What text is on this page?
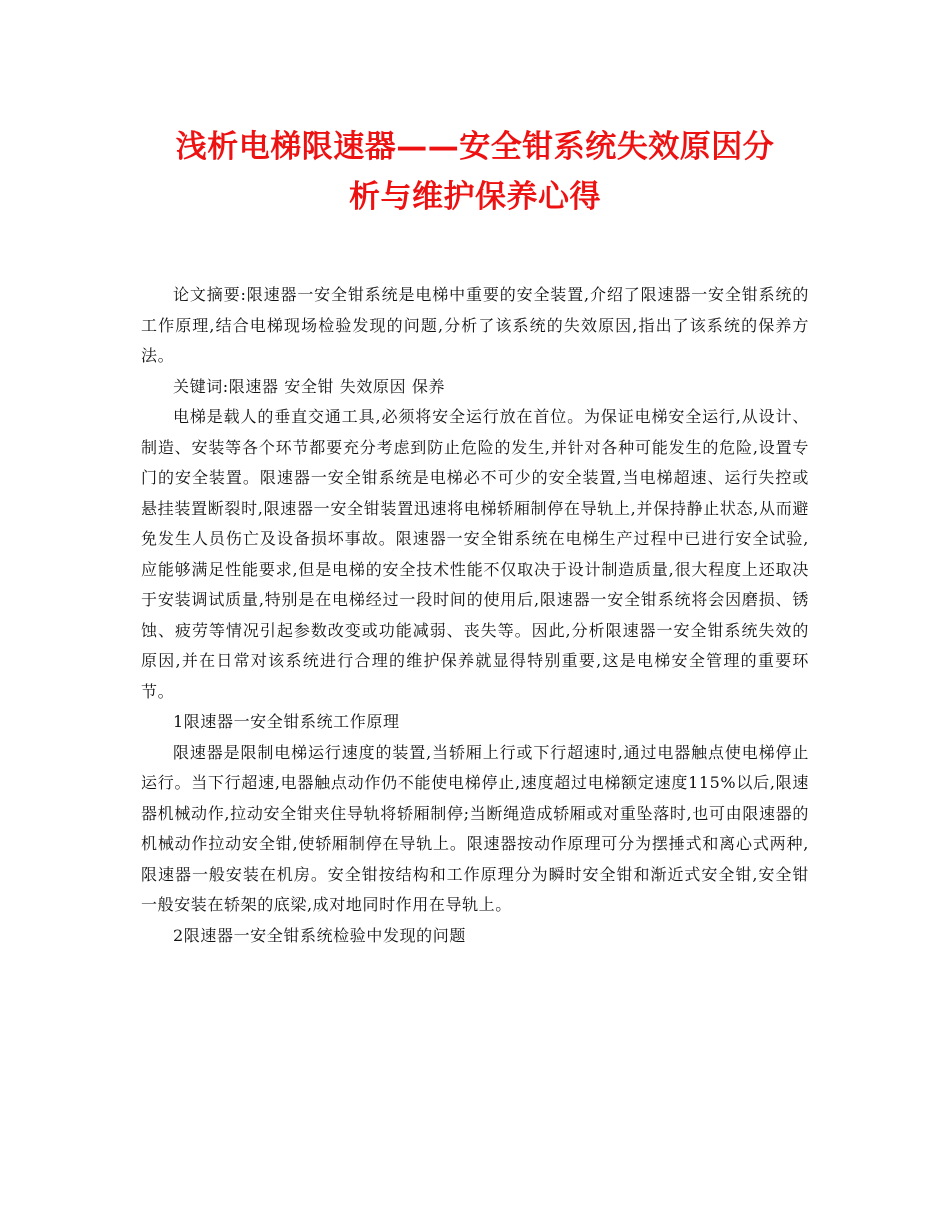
浅析电梯限速器——安全钳系统失效原因分
析与维护保养心得

论文摘要:限速器一安全钳系统是电梯中重要的安全装置,介绍了限速器一安全钳系统的工作原理,结合电梯现场检验发现的问题,分析了该系统的失效原因,指出了该系统的保养方法。

关键词:限速器 安全钳 失效原因 保养

电梯是载人的垂直交通工具,必须将安全运行放在首位。为保证电梯安全运行,从设计、制造、安装等各个环节都要充分考虑到防止危险的发生,并针对各种可能发生的危险,设置专门的安全装置。限速器一安全钳系统是电梯必不可少的安全装置,当电梯超速、运行失控或悬挂装置断裂时,限速器一安全钳装置迅速将电梯轿厢制停在导轨上,并保持静止状态,从而避免发生人员伤亡及设备损坏事故。限速器一安全钳系统在电梯生产过程中已进行安全试验,应能够满足性能要求,但是电梯的安全技术性能不仅取决于设计制造质量,很大程度上还取决于安装调试质量,特别是在电梯经过一段时间的使用后,限速器一安全钳系统将会因磨损、锈蚀、疲劳等情况引起参数改变或功能减弱、丧失等。因此,分析限速器一安全钳系统失效的原因,并在日常对该系统进行合理的维护保养就显得特别重要,这是电梯安全管理的重要环节。

1限速器一安全钳系统工作原理

限速器是限制电梯运行速度的装置,当轿厢上行或下行超速时,通过电器触点使电梯停止运行。当下行超速,电器触点动作仍不能使电梯停止,速度超过电梯额定速度115%以后,限速器机械动作,拉动安全钳夹住导轨将轿厢制停;当断绳造成轿厢或对重坠落时,也可由限速器的机械动作拉动安全钳,使轿厢制停在导轨上。限速器按动作原理可分为摆捶式和离心式两种,限速器一般安装在机房。安全钳按结构和工作原理分为瞬时安全钳和渐近式安全钳,安全钳一般安装在轿架的底梁,成对地同时作用在导轨上。

2限速器一安全钳系统检验中发现的问题
